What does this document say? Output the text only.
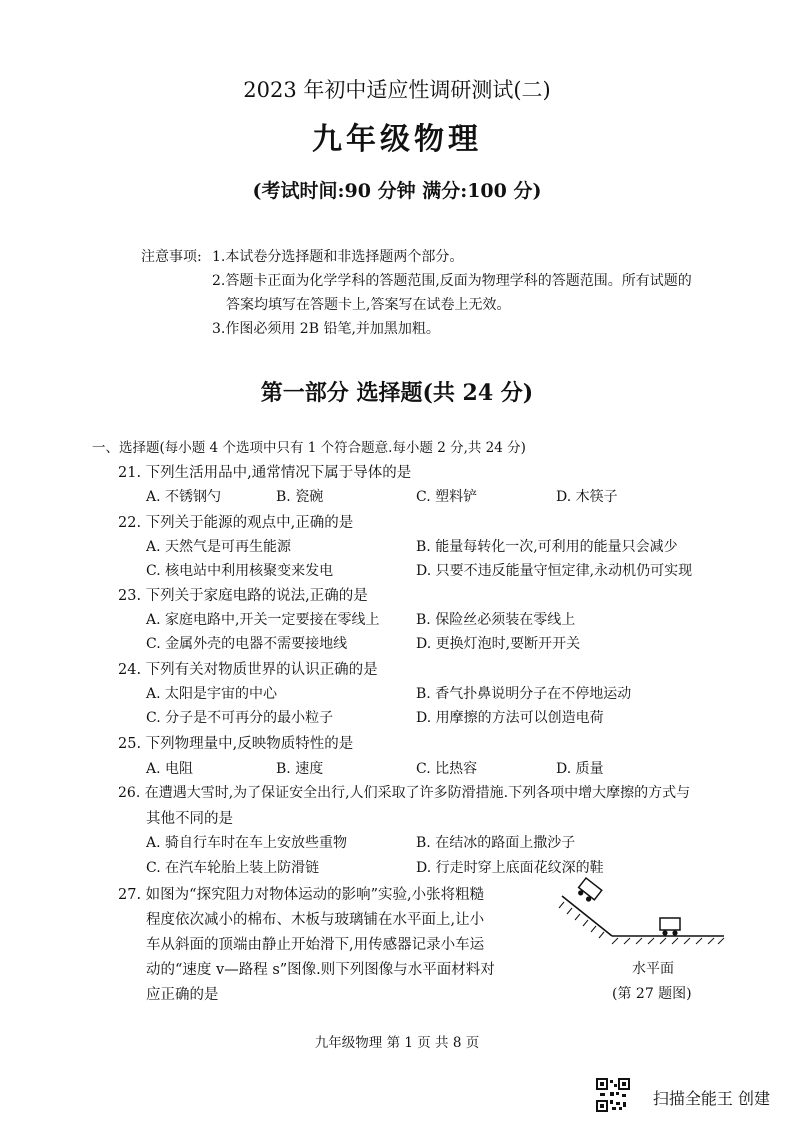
2023 年初中适应性调研测试(二)
九年级物理
(考试时间:90 分钟 满分:100 分)
注意事项: 1.本试卷分选择题和非选择题两个部分。
2.答题卡正面为化学学科的答题范围,反面为物理学科的答题范围。所有试题的
答案均填写在答题卡上,答案写在试卷上无效。
3.作图必须用 2B 铅笔,并加黑加粗。
第一部分 选择题(共 24 分)
一、选择题(每小题 4 个选项中只有 1 个符合题意.每小题 2 分,共 24 分)
21. 下列生活用品中,通常情况下属于导体的是
A. 不锈钢勺	B. 瓷碗	C. 塑料铲	D. 木筷子
22. 下列关于能源的观点中,正确的是
A. 天然气是可再生能源	B. 能量每转化一次,可利用的能量只会减少
C. 核电站中利用核聚变来发电	D. 只要不违反能量守恒定律,永动机仍可实现
23. 下列关于家庭电路的说法,正确的是
A. 家庭电路中,开关一定要接在零线上	B. 保险丝必须装在零线上
C. 金属外壳的电器不需要接地线	D. 更换灯泡时,要断开开关
24. 下列有关对物质世界的认识正确的是
A. 太阳是宇宙的中心	B. 香气扑鼻说明分子在不停地运动
C. 分子是不可再分的最小粒子	D. 用摩擦的方法可以创造电荷
25. 下列物理量中,反映物质特性的是
A. 电阻	B. 速度	C. 比热容	D. 质量
26. 在遭遇大雪时,为了保证安全出行,人们采取了许多防滑措施.下列各项中增大摩擦的方式与
其他不同的是
A. 骑自行车时在车上安放些重物	B. 在结冰的路面上撒沙子
C. 在汽车轮胎上装上防滑链	D. 行走时穿上底面花纹深的鞋
27. 如图为“探究阻力对物体运动的影响”实验,小张将粗糙
程度依次减小的棉布、木板与玻璃铺在水平面上,让小
车从斜面的顶端由静止开始滑下,用传感器记录小车运
动的“速度 v—路程 s”图像.则下列图像与水平面材料对
应正确的是
水平面
(第 27 题图)
九年级物理 第 1 页 共 8 页
扫描全能王 创建
